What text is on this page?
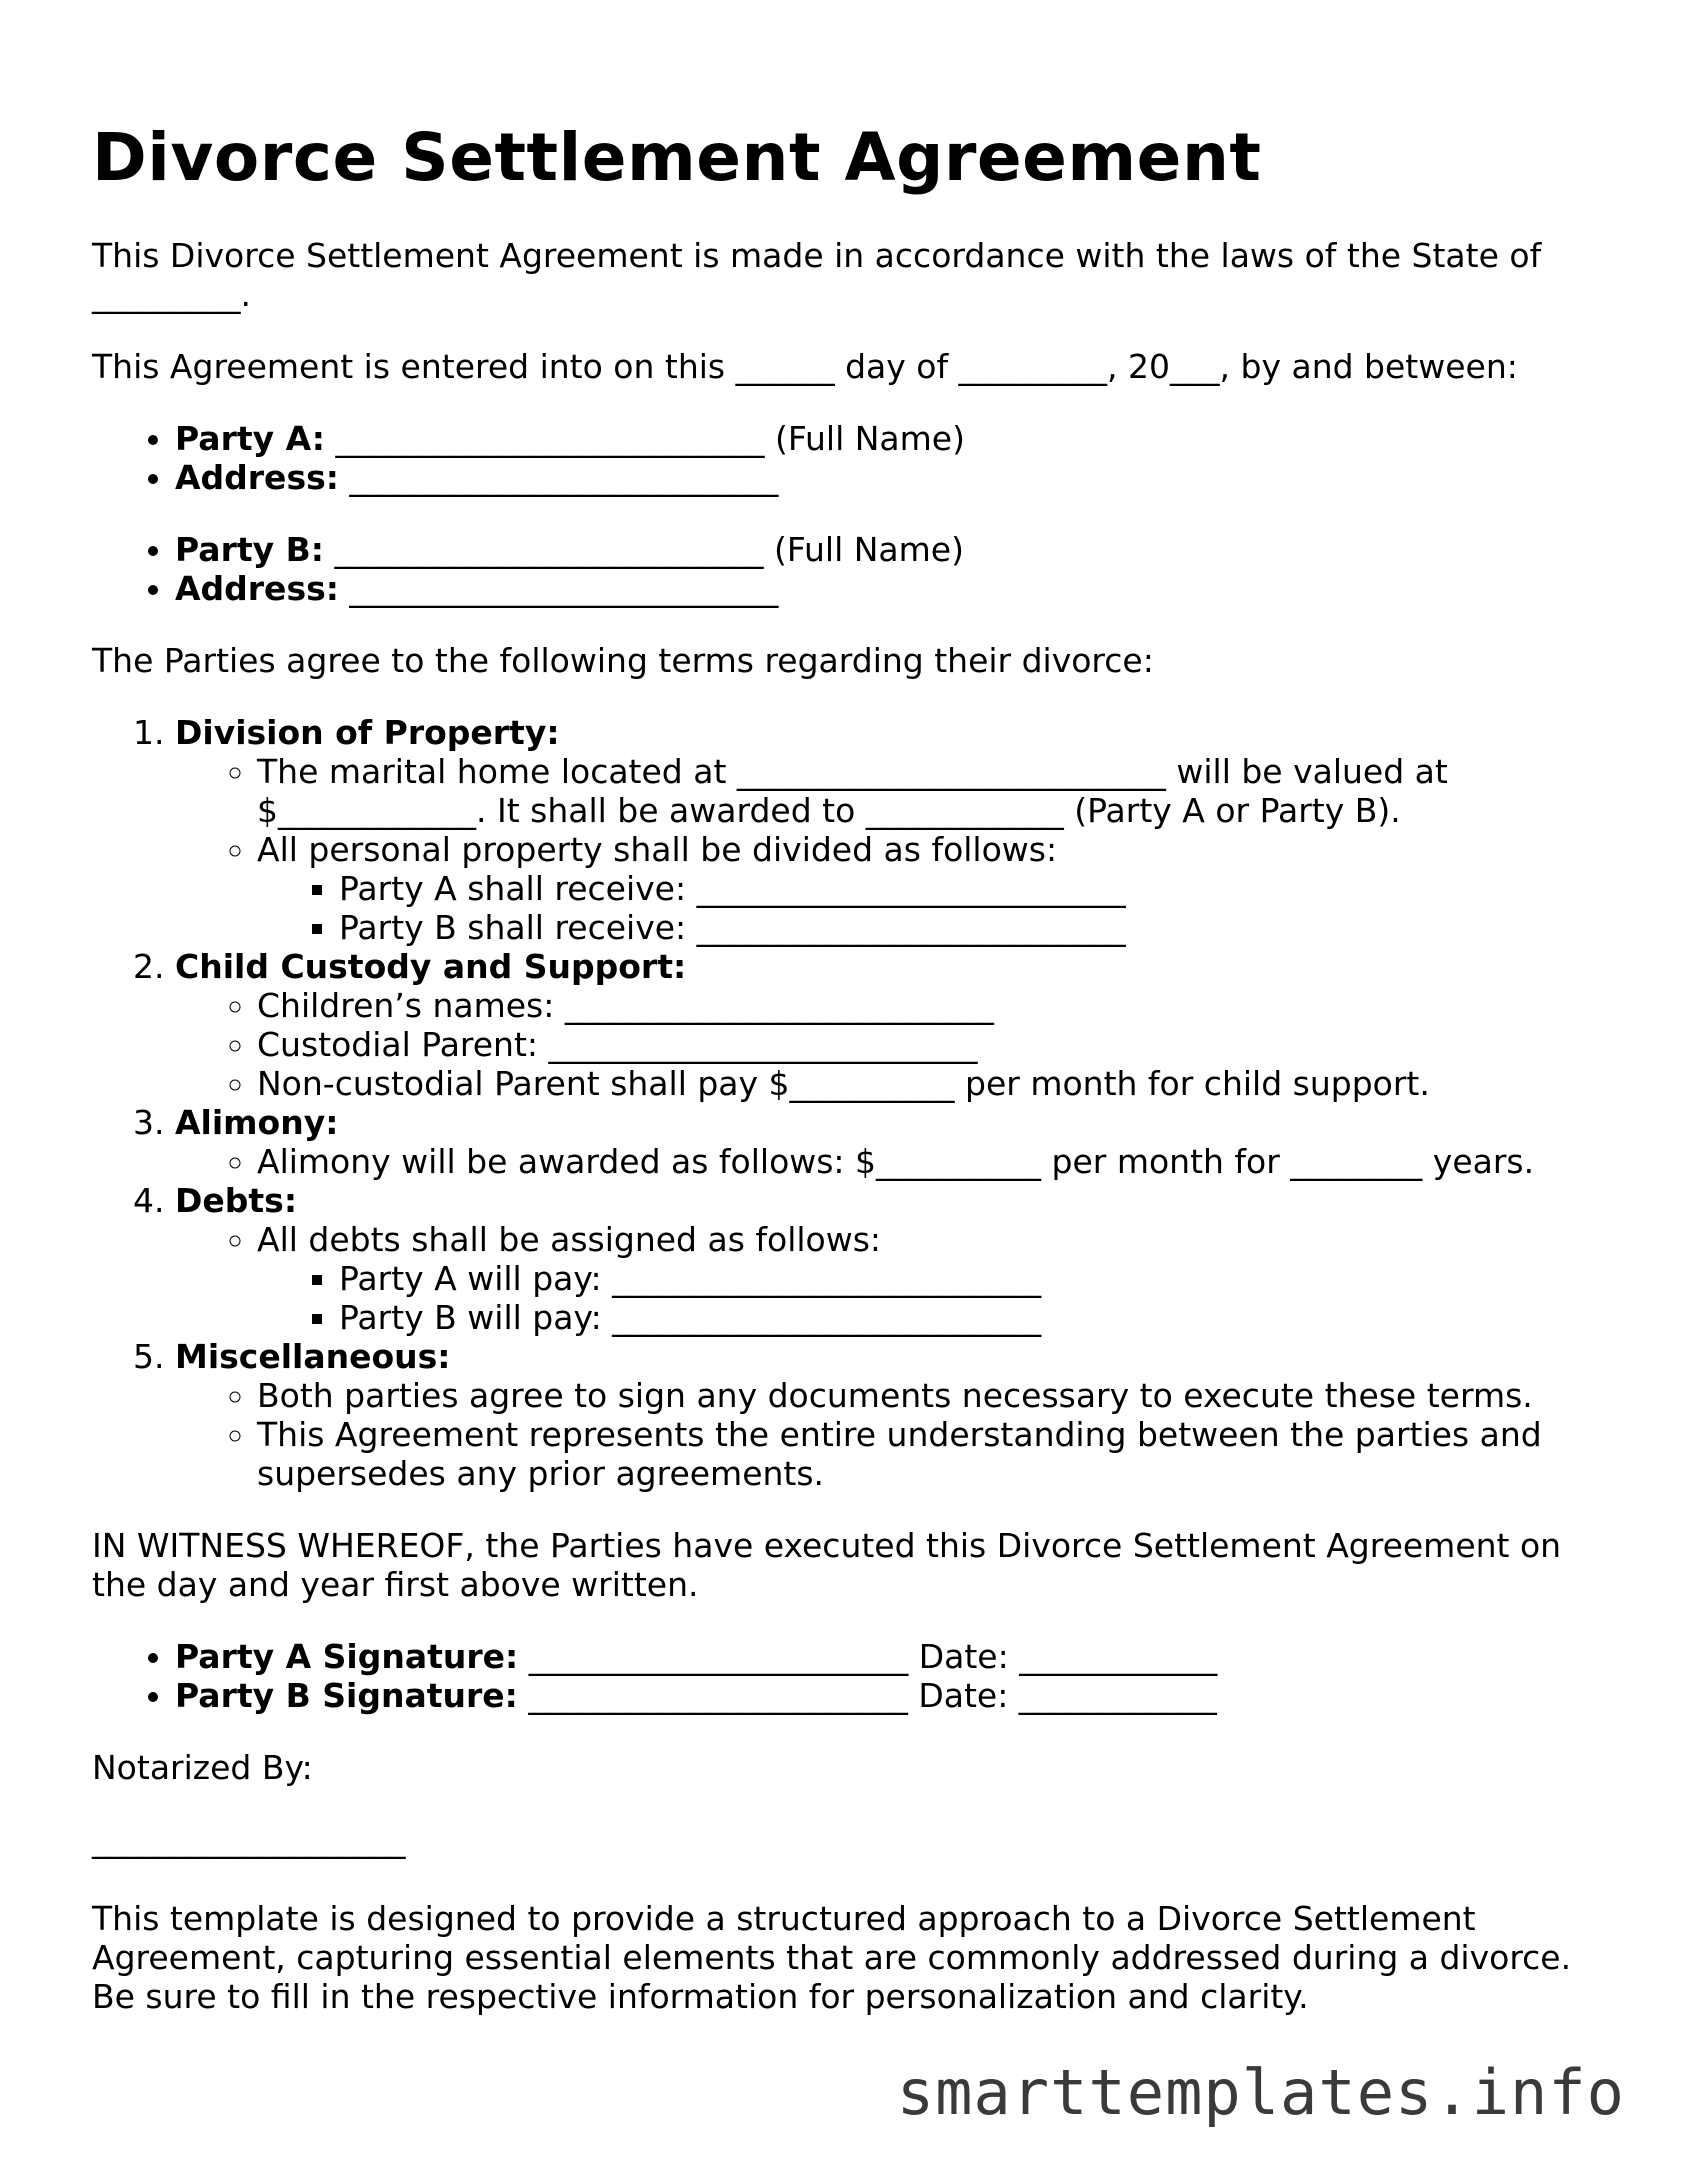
Divorce Settlement Agreement

This Divorce Settlement Agreement is made in accordance with the laws of the State of _________.

This Agreement is entered into on this ______ day of _________, 20___, by and between:

• Party A: __________________________ (Full Name)
• Address: __________________________
• Party B: __________________________ (Full Name)
• Address: __________________________

The Parties agree to the following terms regarding their divorce:

1. Division of Property:
◦ The marital home located at __________________________ will be valued at $____________. It shall be awarded to ____________ (Party A or Party B).
◦ All personal property shall be divided as follows:
▪ Party A shall receive: __________________________
▪ Party B shall receive: __________________________
2. Child Custody and Support:
◦ Children’s names: __________________________
◦ Custodial Parent: __________________________
◦ Non-custodial Parent shall pay $__________ per month for child support.
3. Alimony:
◦ Alimony will be awarded as follows: $__________ per month for ________ years.
4. Debts:
◦ All debts shall be assigned as follows:
▪ Party A will pay: __________________________
▪ Party B will pay: __________________________
5. Miscellaneous:
◦ Both parties agree to sign any documents necessary to execute these terms.
◦ This Agreement represents the entire understanding between the parties and supersedes any prior agreements.

IN WITNESS WHEREOF, the Parties have executed this Divorce Settlement Agreement on the day and year first above written.

• Party A Signature: _______________________ Date: ____________
• Party B Signature: _______________________ Date: ____________

Notarized By:

___________________

This template is designed to provide a structured approach to a Divorce Settlement Agreement, capturing essential elements that are commonly addressed during a divorce. Be sure to fill in the respective information for personalization and clarity.

smarttemplates.info
